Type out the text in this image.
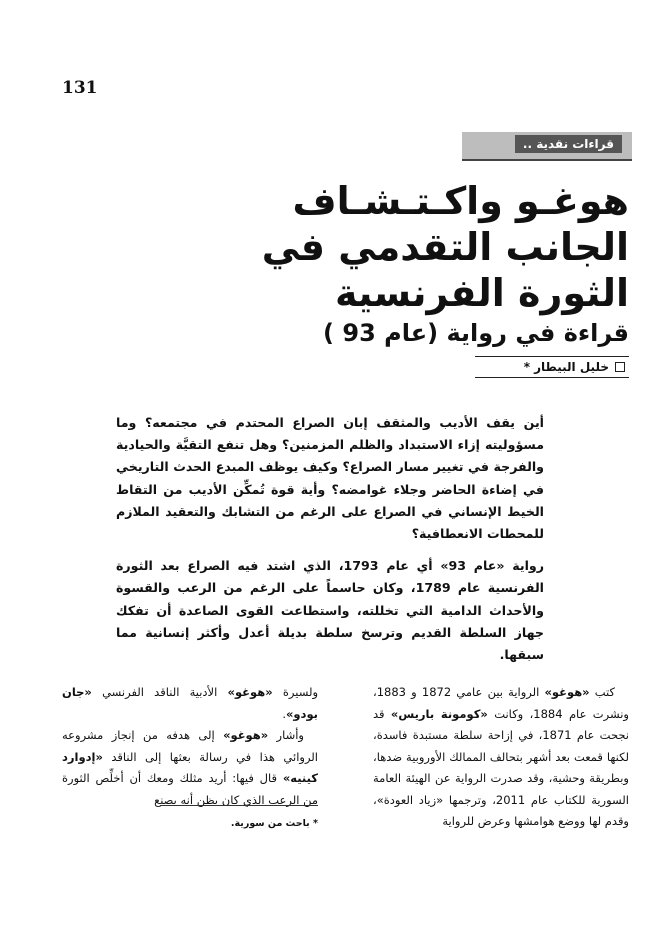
131
قراءات نقدية ..
هوغـو واكـتـشـاف
الجانب التقدمي في
الثورة الفرنسية
قراءة في رواية (عام 93 )
خليل البيطار *

أين يقف الأديب والمثقف إبان الصراع المحتدم في مجتمعه؟ وما مسؤوليته إزاء الاستبداد والظلم المزمنين؟ وهل تنفع التقيَّة والحيادية والفرجة في تغيير مسار الصراع؟ وكيف يوظف المبدع الحدث التاريخي في إضاءة الحاضر وجلاء غوامضه؟ وأية قوة تُمكِّن الأديب من التقاط الخيط الإنساني في الصراع على الرغم من التشابك والتعقيد الملازم للمحطات الانعطافية؟

رواية «عام 93» أي عام 1793، الذي اشتد فيه الصراع بعد الثورة الفرنسية عام 1789، وكان حاسماً على الرغم من الرعب والقسوة والأحداث الدامية التي تخللته، واستطاعت القوى الصاعدة أن تفكك جهاز السلطة القديم وترسخ سلطة بديلة أعدل وأكثر إنسانية مما سبقها.

كتب «هوغو» الرواية بين عامي 1872 و 1883، ونشرت عام 1884، وكانت «كومونة باريس» قد نجحت عام 1871، في إزاحة سلطة مستبدة فاسدة، لكنها قمعت بعد أشهر بتحالف الممالك الأوروبية ضدها، وبطريقة وحشية، وقد صدرت الرواية عن الهيئة العامة السورية للكتاب عام 2011، وترجمها «زياد العودة»، وقدم لها ووضع هوامشها وعرض للرواية

ولسيرة «هوغو» الأدبية الناقد الفرنسي «جان بودو».

وأشار «هوغو» إلى هدفه من إنجاز مشروعه الروائي هذا في رسالة بعثها إلى الناقد «إدوارد كينيه» قال فيها: أريد مثلك ومعك أن أخلِّص الثورة من الرعب الذي كان يظن أنه يصنع

* باحث من سورية.
